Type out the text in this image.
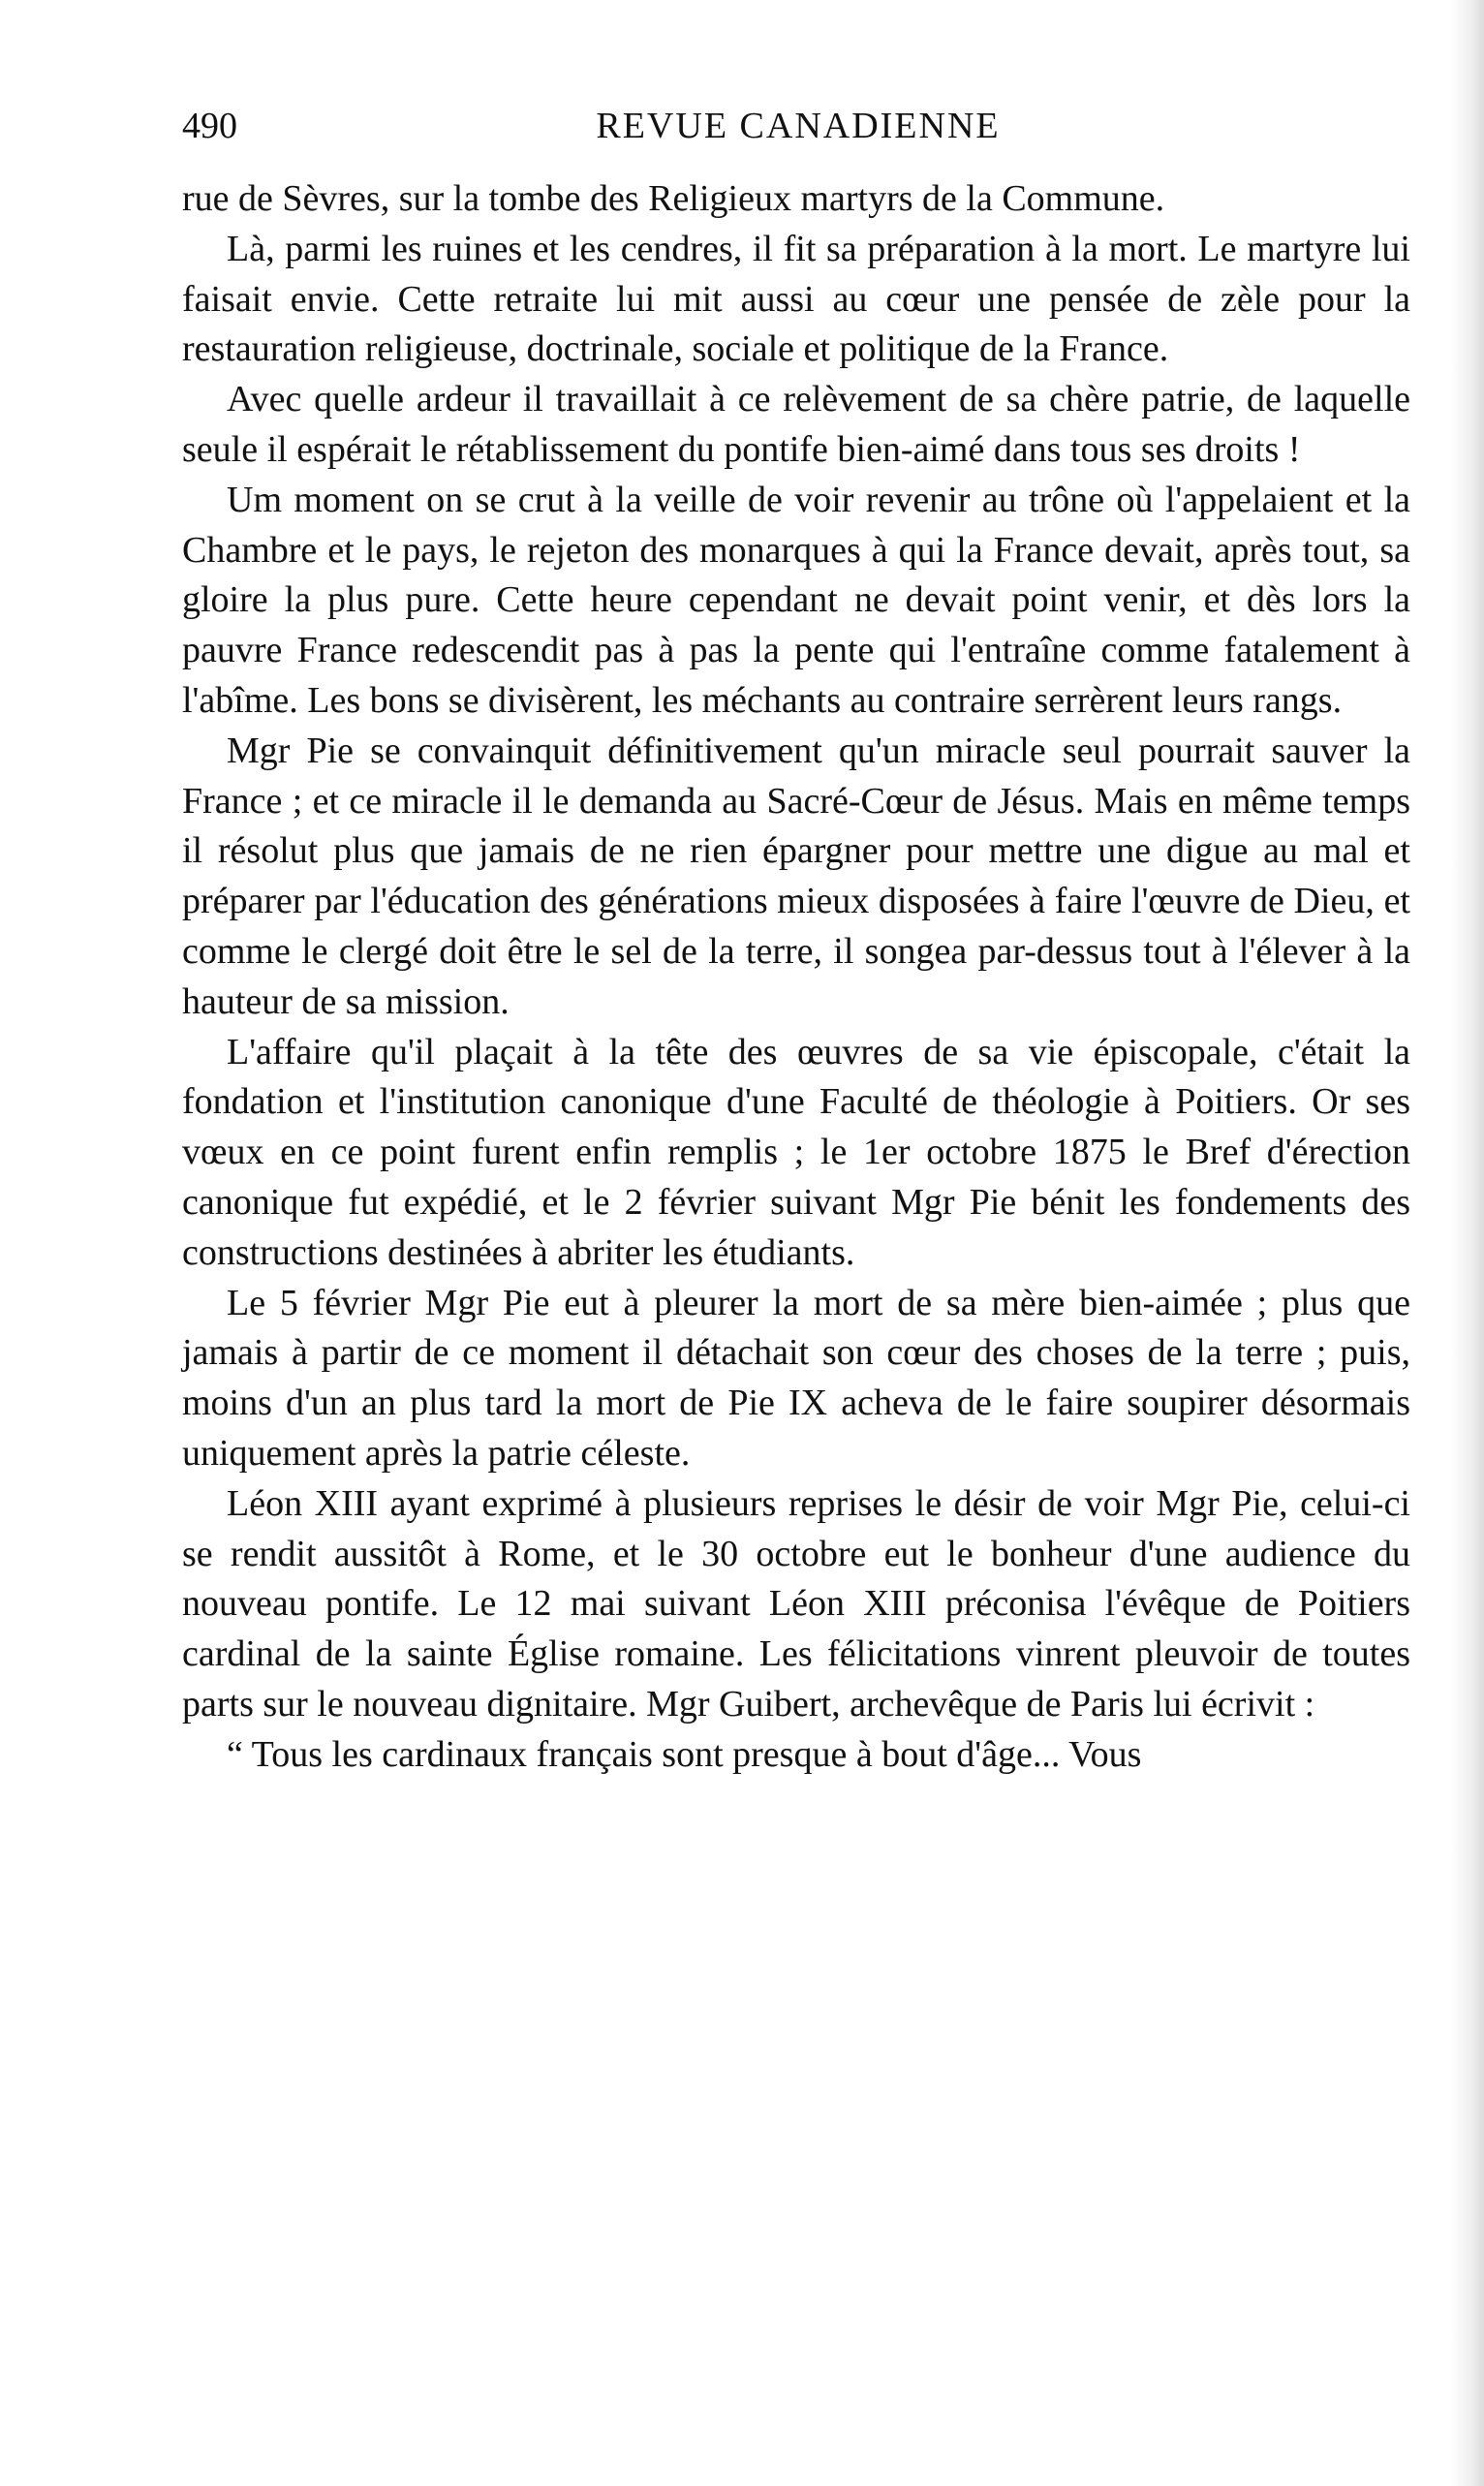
490	REVUE CANADIENNE

rue de Sèvres, sur la tombe des Religieux martyrs de la Commune.

Là, parmi les ruines et les cendres, il fit sa préparation à la mort. Le martyre lui faisait envie. Cette retraite lui mit aussi au cœur une pensée de zèle pour la restauration religieuse, doctrinale, sociale et politique de la France.

Avec quelle ardeur il travaillait à ce relèvement de sa chère patrie, de laquelle seule il espérait le rétablissement du pontife bien-aimé dans tous ses droits !

Um moment on se crut à la veille de voir revenir au trône où l'appelaient et la Chambre et le pays, le rejeton des monarques à qui la France devait, après tout, sa gloire la plus pure. Cette heure cependant ne devait point venir, et dès lors la pauvre France redescendit pas à pas la pente qui l'entraîne comme fatalement à l'abîme. Les bons se divisèrent, les méchants au contraire serrèrent leurs rangs.

Mgr Pie se convainquit définitivement qu'un miracle seul pourrait sauver la France ; et ce miracle il le demanda au Sacré-Cœur de Jésus. Mais en même temps il résolut plus que jamais de ne rien épargner pour mettre une digue au mal et préparer par l'éducation des générations mieux disposées à faire l'œuvre de Dieu, et comme le clergé doit être le sel de la terre, il songea par-dessus tout à l'élever à la hauteur de sa mission.

L'affaire qu'il plaçait à la tête des œuvres de sa vie épiscopale, c'était la fondation et l'institution canonique d'une Faculté de théologie à Poitiers. Or ses vœux en ce point furent enfin remplis ; le 1er octobre 1875 le Bref d'érection canonique fut expédié, et le 2 février suivant Mgr Pie bénit les fondements des constructions destinées à abriter les étudiants.

Le 5 février Mgr Pie eut à pleurer la mort de sa mère bien-aimée ; plus que jamais à partir de ce moment il détachait son cœur des choses de la terre ; puis, moins d'un an plus tard la mort de Pie IX acheva de le faire soupirer désormais uniquement après la patrie céleste.

Léon XIII ayant exprimé à plusieurs reprises le désir de voir Mgr Pie, celui-ci se rendit aussitôt à Rome, et le 30 octobre eut le bonheur d'une audience du nouveau pontife. Le 12 mai suivant Léon XIII préconisa l'évêque de Poitiers cardinal de la sainte Église romaine. Les félicitations vinrent pleuvoir de toutes parts sur le nouveau dignitaire. Mgr Guibert, archevêque de Paris lui écrivit :

“ Tous les cardinaux français sont presque à bout d'âge... Vous
